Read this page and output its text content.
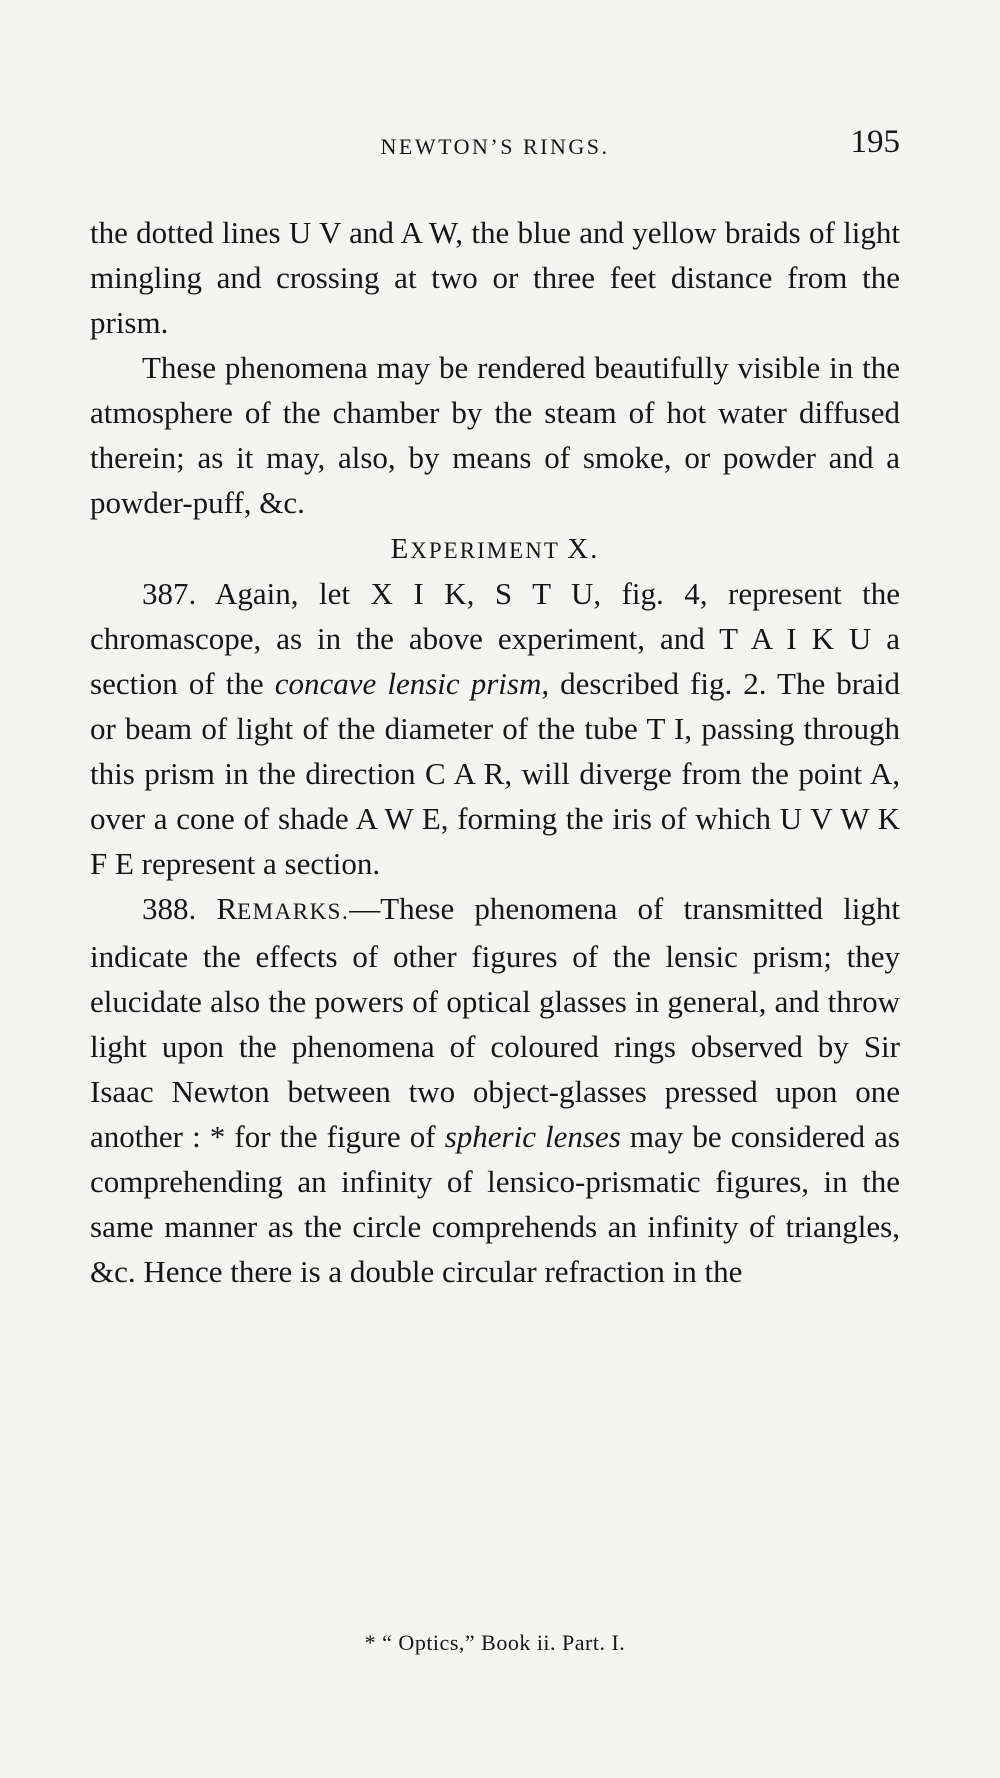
NEWTON’S RINGS.	195

the dotted lines U V and A W, the blue and yellow braids of light mingling and crossing at two or three feet distance from the prism.

These phenomena may be rendered beautifully visible in the atmosphere of the chamber by the steam of hot water diffused therein; as it may, also, by means of smoke, or powder and a powder-puff, &c.

EXPERIMENT X.

387. Again, let X I K, S T U, fig. 4, represent the chromascope, as in the above experiment, and T A I K U a section of the concave lensic prism, described fig. 2. The braid or beam of light of the diameter of the tube T I, passing through this prism in the direction C A R, will diverge from the point A, over a cone of shade A W E, forming the iris of which U V W K F E represent a section.

388. REMARKS.—These phenomena of transmitted light indicate the effects of other figures of the lensic prism; they elucidate also the powers of optical glasses in general, and throw light upon the phenomena of coloured rings observed by Sir Isaac Newton between two object-glasses pressed upon one another : * for the figure of spheric lenses may be considered as comprehending an infinity of lensico-prismatic figures, in the same manner as the circle comprehends an infinity of triangles, &c. Hence there is a double circular refraction in the

* “ Optics,” Book ii. Part. I.
